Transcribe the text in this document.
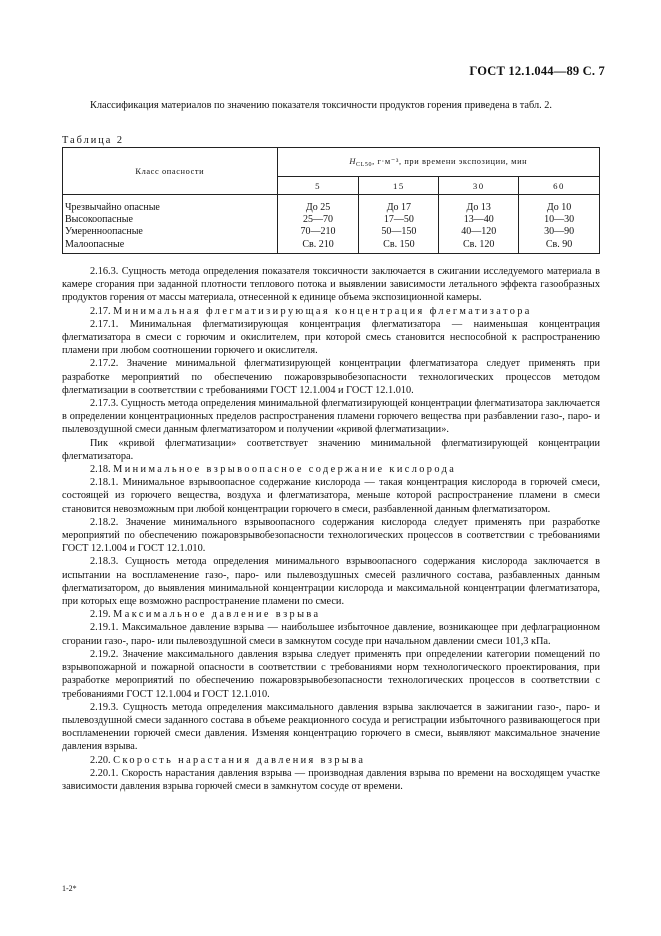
ГОСТ 12.1.044—89 С. 7

Классификация материалов по значению показателя токсичности продуктов горения приведена в табл. 2.

Таблица 2
Класс опасности	$H_{CL50}$, г·м⁻³, при времени экспозиции, мин			
	5	15	30	60
Чрезвычайно опасные	До 25	До 17	До 13	До 10
Высокоопасные	25—70	17—50	13—40	10—30
Умеренноопасные	70—210	50—150	40—120	30—90
Малоопасные	Св. 210	Св. 150	Св. 120	Св. 90

2.16.3. Сущность метода определения показателя токсичности заключается в сжигании исследуемого материала в камере сгорания при заданной плотности теплового потока и выявлении зависимости летального эффекта газообразных продуктов горения от массы материала, отнесенной к единице объема экспозиционной камеры.

2.17. Минимальная флегматизирующая концентрация флегматизатора

2.17.1. Минимальная флегматизирующая концентрация флегматизатора — наименьшая концентрация флегматизатора в смеси с горючим и окислителем, при которой смесь становится неспособной к распространению пламени при любом соотношении горючего и окислителя.

2.17.2. Значение минимальной флегматизирующей концентрации флегматизатора следует применять при разработке мероприятий по обеспечению пожаровзрывобезопасности технологических процессов методом флегматизации в соответствии с требованиями ГОСТ 12.1.004 и ГОСТ 12.1.010.

2.17.3. Сущность метода определения минимальной флегматизирующей концентрации флегматизатора заключается в определении концентрационных пределов распространения пламени горючего вещества при разбавлении газо-, паро- и пылевоздушной смеси данным флегматизатором и получении «кривой флегматизации».

Пик «кривой флегматизации» соответствует значению минимальной флегматизирующей концентрации флегматизатора.

2.18. Минимальное взрывоопасное содержание кислорода

2.18.1. Минимальное взрывоопасное содержание кислорода — такая концентрация кислорода в горючей смеси, состоящей из горючего вещества, воздуха и флегматизатора, меньше которой распространение пламени в смеси становится невозможным при любой концентрации горючего в смеси, разбавленной данным флегматизатором.

2.18.2. Значение минимального взрывоопасного содержания кислорода следует применять при разработке мероприятий по обеспечению пожаровзрывобезопасности технологических процессов в соответствии с требованиями ГОСТ 12.1.004 и ГОСТ 12.1.010.

2.18.3. Сущность метода определения минимального взрывоопасного содержания кислорода заключается в испытании на воспламенение газо-, паро- или пылевоздушных смесей различного состава, разбавленных данным флегматизатором, до выявления минимальной концентрации кислорода и максимальной концентрации флегматизатора, при которых еще возможно распространение пламени по смеси.

2.19. Максимальное давление взрыва

2.19.1. Максимальное давление взрыва — наибольшее избыточное давление, возникающее при дефлаграционном сгорании газо-, паро- или пылевоздушной смеси в замкнутом сосуде при начальном давлении смеси 101,3 кПа.

2.19.2. Значение максимального давления взрыва следует применять при определении категории помещений по взрывопожарной и пожарной опасности в соответствии с требованиями норм технологического проектирования, при разработке мероприятий по обеспечению пожаровзрывобезопасности технологических процессов в соответствии с требованиями ГОСТ 12.1.004 и ГОСТ 12.1.010.

2.19.3. Сущность метода определения максимального давления взрыва заключается в зажигании газо-, паро- и пылевоздушной смеси заданного состава в объеме реакционного сосуда и регистрации избыточного развивающегося при воспламенении горючей смеси давления. Изменяя концентрацию горючего в смеси, выявляют максимальное значение давления взрыва.

2.20. Скорость нарастания давления взрыва

2.20.1. Скорость нарастания давления взрыва — производная давления взрыва по времени на восходящем участке зависимости давления взрыва горючей смеси в замкнутом сосуде от времени.

1-2*
